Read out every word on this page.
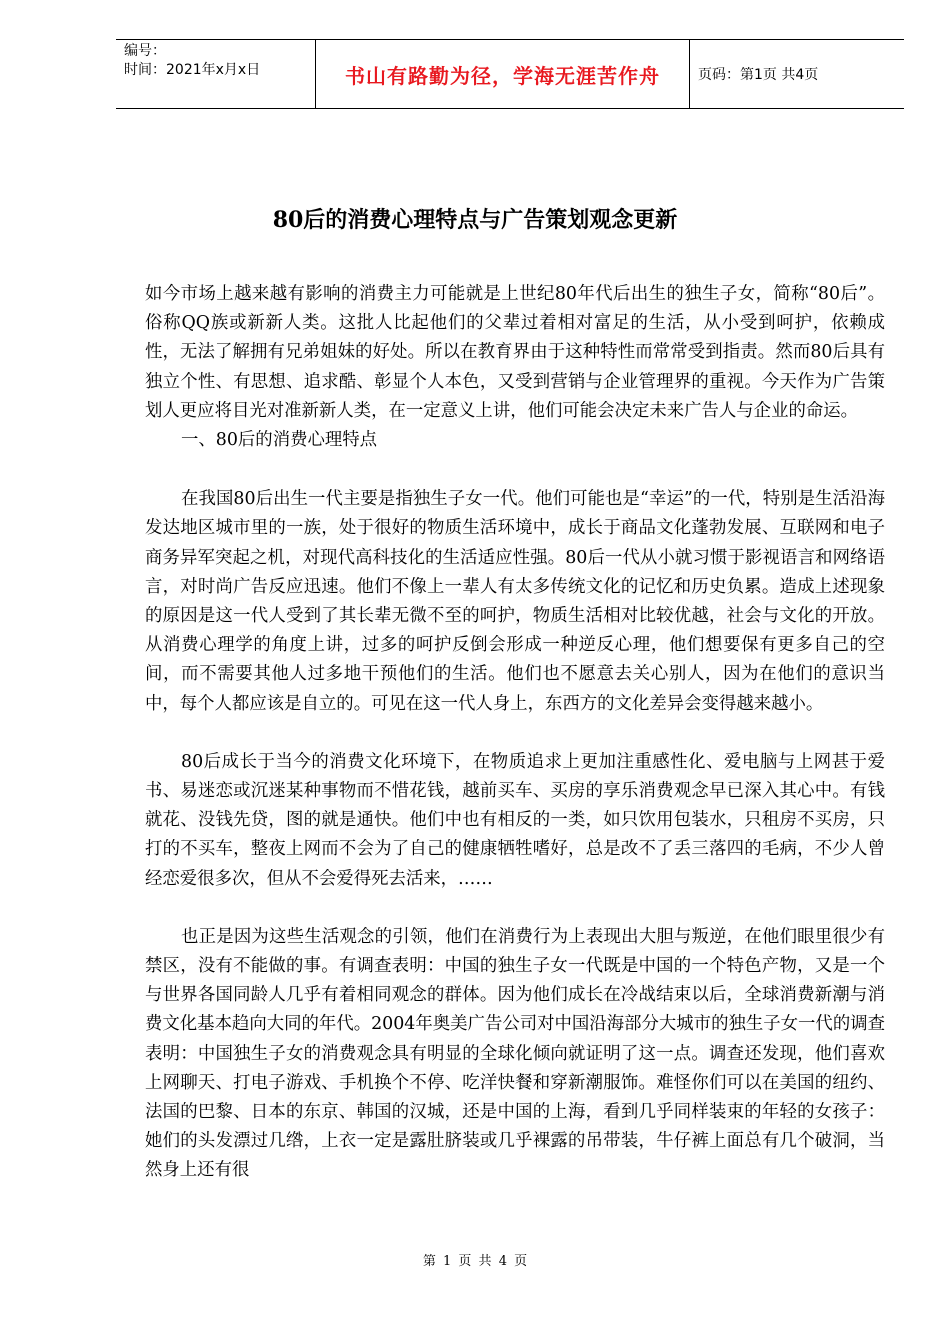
编号：
时间：2021年x月x日	书山有路勤为径，学海无涯苦作舟	页码：第1页 共4页
80后的消费心理特点与广告策划观念更新

如今市场上越来越有影响的消费主力可能就是上世纪80年代后出生的独生子女，简称“80后”。俗称QQ族或新新人类。这批人比起他们的父辈过着相对富足的生活，从小受到呵护，依赖成性，无法了解拥有兄弟姐妹的好处。所以在教育界由于这种特性而常常受到指责。然而80后具有独立个性、有思想、追求酷、彰显个人本色，又受到营销与企业管理界的重视。今天作为广告策划人更应将目光对准新新人类，在一定意义上讲，他们可能会决定未来广告人与企业的命运。

一、80后的消费心理特点

在我国80后出生一代主要是指独生子女一代。他们可能也是“幸运”的一代，特别是生活沿海发达地区城市里的一族，处于很好的物质生活环境中，成长于商品文化蓬勃发展、互联网和电子商务异军突起之机，对现代高科技化的生活适应性强。80后一代从小就习惯于影视语言和网络语言，对时尚广告反应迅速。他们不像上一辈人有太多传统文化的记忆和历史负累。造成上述现象的原因是这一代人受到了其长辈无微不至的呵护，物质生活相对比较优越，社会与文化的开放。从消费心理学的角度上讲，过多的呵护反倒会形成一种逆反心理，他们想要保有更多自己的空间，而不需要其他人过多地干预他们的生活。他们也不愿意去关心别人，因为在他们的意识当中，每个人都应该是自立的。可见在这一代人身上，东西方的文化差异会变得越来越小。

80后成长于当今的消费文化环境下，在物质追求上更加注重感性化、爱电脑与上网甚于爱书、易迷恋或沉迷某种事物而不惜花钱，越前买车、买房的享乐消费观念早已深入其心中。有钱就花、没钱先贷，图的就是通快。他们中也有相反的一类，如只饮用包装水，只租房不买房，只打的不买车，整夜上网而不会为了自己的健康牺牲嗜好，总是改不了丢三落四的毛病，不少人曾经恋爱很多次，但从不会爱得死去活来，……

也正是因为这些生活观念的引领，他们在消费行为上表现出大胆与叛逆，在他们眼里很少有禁区，没有不能做的事。有调查表明：中国的独生子女一代既是中国的一个特色产物，又是一个与世界各国同龄人几乎有着相同观念的群体。因为他们成长在冷战结束以后，全球消费新潮与消费文化基本趋向大同的年代。2004年奥美广告公司对中国沿海部分大城市的独生子女一代的调查表明：中国独生子女的消费观念具有明显的全球化倾向就证明了这一点。调查还发现，他们喜欢上网聊天、打电子游戏、手机换个不停、吃洋快餐和穿新潮服饰。难怪你们可以在美国的纽约、法国的巴黎、日本的东京、韩国的汉城，还是中国的上海，看到几乎同样装束的年轻的女孩子：她们的头发漂过几绺，上衣一定是露肚脐装或几乎裸露的吊带装，牛仔裤上面总有几个破洞，当然身上还有很

第 1 页 共 4 页
